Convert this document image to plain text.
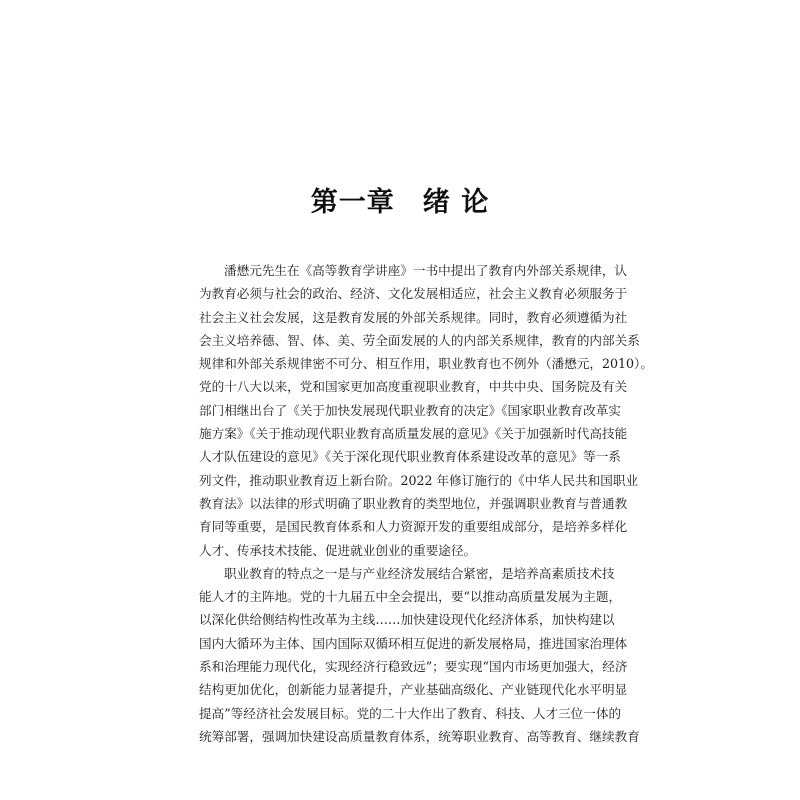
第一章 绪 论
潘懋元先生在《高等教育学讲座》一书中提出了教育内外部关系规律，认
为教育必须与社会的政治、经济、文化发展相适应，社会主义教育必须服务于
社会主义社会发展，这是教育发展的外部关系规律。同时，教育必须遵循为社
会主义培养德、智、体、美、劳全面发展的人的内部关系规律，教育的内部关系
规律和外部关系规律密不可分、相互作用，职业教育也不例外（潘懋元，2010）。
党的十八大以来，党和国家更加高度重视职业教育，中共中央、国务院及有关
部门相继出台了《关于加快发展现代职业教育的决定》《国家职业教育改革实
施方案》《关于推动现代职业教育高质量发展的意见》《关于加强新时代高技能
人才队伍建设的意见》《关于深化现代职业教育体系建设改革的意见》等一系
列文件，推动职业教育迈上新台阶。2022 年修订施行的《中华人民共和国职业
教育法》以法律的形式明确了职业教育的类型地位，并强调职业教育与普通教
育同等重要，是国民教育体系和人力资源开发的重要组成部分，是培养多样化
人才、传承技术技能、促进就业创业的重要途径。
职业教育的特点之一是与产业经济发展结合紧密，是培养高素质技术技
能人才的主阵地。党的十九届五中全会提出，要“以推动高质量发展为主题，
以深化供给侧结构性改革为主线……加快建设现代化经济体系，加快构建以
国内大循环为主体、国内国际双循环相互促进的新发展格局，推进国家治理体
系和治理能力现代化，实现经济行稳致远”；要实现“国内市场更加强大，经济
结构更加优化，创新能力显著提升，产业基础高级化、产业链现代化水平明显
提高”等经济社会发展目标。党的二十大作出了教育、科技、人才三位一体的
统筹部署，强调加快建设高质量教育体系，统筹职业教育、高等教育、继续教育
